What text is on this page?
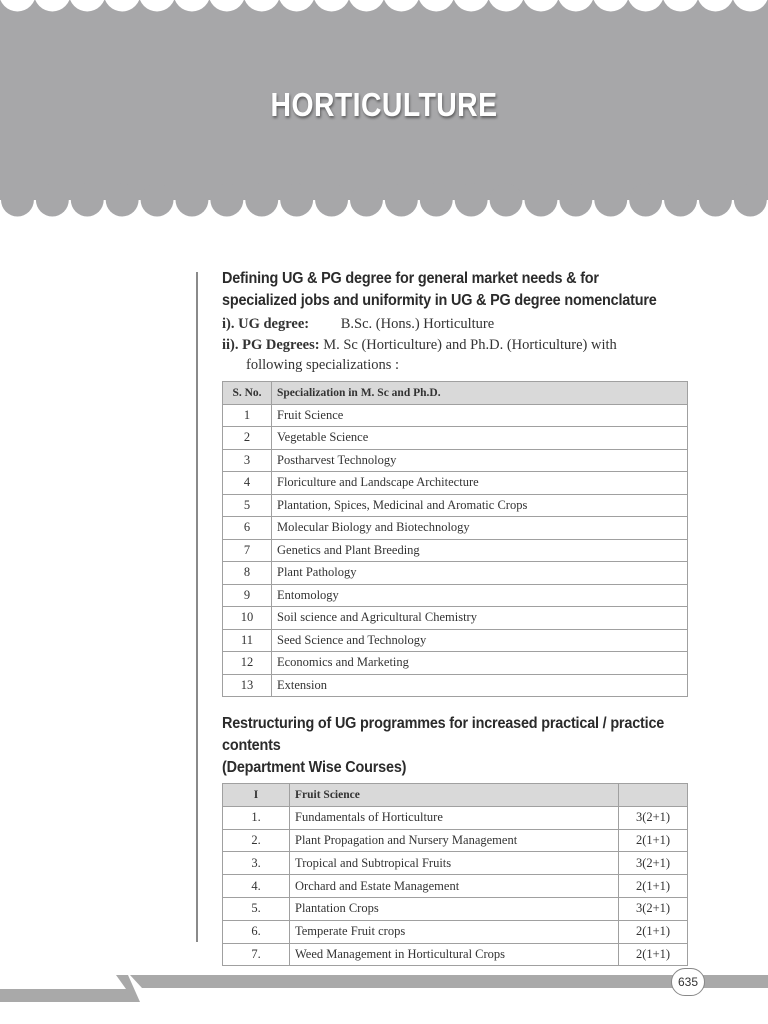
HORTICULTURE
Defining UG & PG degree for general market needs & for
specialized jobs and uniformity in UG & PG degree nomenclature

i). UG degree: B.Sc. (Hons.) Horticulture

ii). PG Degrees: M. Sc (Horticulture) and Ph.D. (Horticulture) with

following specializations :
S. No.	Specialization in M. Sc and Ph.D.
1	Fruit Science
2	Vegetable Science
3	Postharvest Technology
4	Floriculture and Landscape Architecture
5	Plantation, Spices, Medicinal and Aromatic Crops
6	Molecular Biology and Biotechnology
7	Genetics and Plant Breeding
8	Plant Pathology
9	Entomology
10	Soil science and Agricultural Chemistry
11	Seed Science and Technology
12	Economics and Marketing
13	Extension
Restructuring of UG programmes for increased practical / practice contents
(Department Wise Courses)
I	Fruit Science	
1.	Fundamentals of Horticulture	3(2+1)
2.	Plant Propagation and Nursery Management	2(1+1)
3.	Tropical and Subtropical Fruits	3(2+1)
4.	Orchard and Estate Management	2(1+1)
5.	Plantation Crops	3(2+1)
6.	Temperate Fruit crops	2(1+1)
7.	Weed Management in Horticultural Crops	2(1+1)
635
